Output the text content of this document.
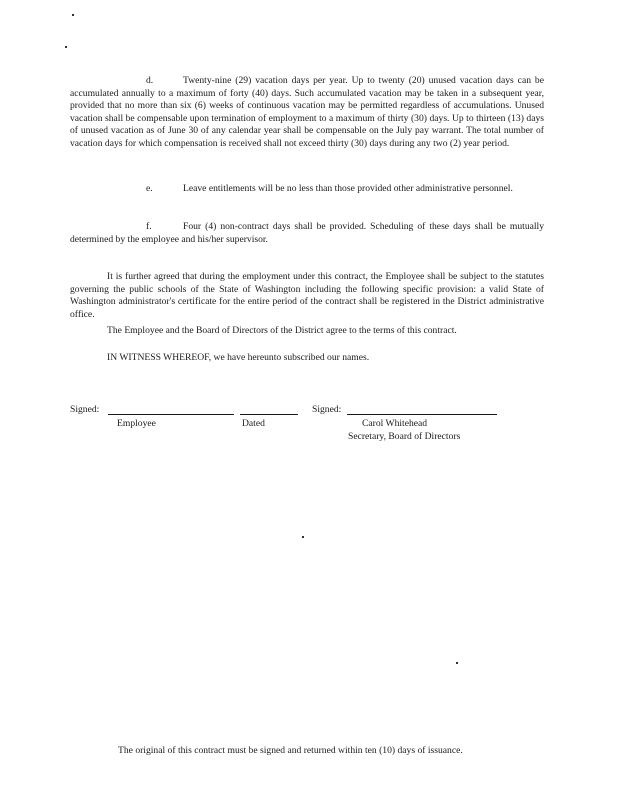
d.	Twenty-nine (29) vacation days per year. Up to twenty (20) unused vacation days can be accumulated annually to a maximum of forty (40) days. Such accumulated vacation may be taken in a subsequent year, provided that no more than six (6) weeks of continuous vacation may be permitted regardless of accumulations. Unused vacation shall be compensable upon termination of employment to a maximum of thirty (30) days. Up to thirteen (13) days of unused vacation as of June 30 of any calendar year shall be compensable on the July pay warrant. The total number of vacation days for which compensation is received shall not exceed thirty (30) days during any two (2) year period.

e.	Leave entitlements will be no less than those provided other administrative personnel.

f.	Four (4) non-contract days shall be provided. Scheduling of these days shall be mutually determined by the employee and his/her supervisor.

It is further agreed that during the employment under this contract, the Employee shall be subject to the statutes governing the public schools of the State of Washington including the following specific provision: a valid State of Washington administrator's certificate for the entire period of the contract shall be registered in the District administrative office.

The Employee and the Board of Directors of the District agree to the terms of this contract.

IN WITNESS WHEREOF, we have hereunto subscribed our names.

Signed:	Signed:
Employee	Dated	Carol Whitehead
Secretary, Board of Directors
The original of this contract must be signed and returned within ten (10) days of issuance.
